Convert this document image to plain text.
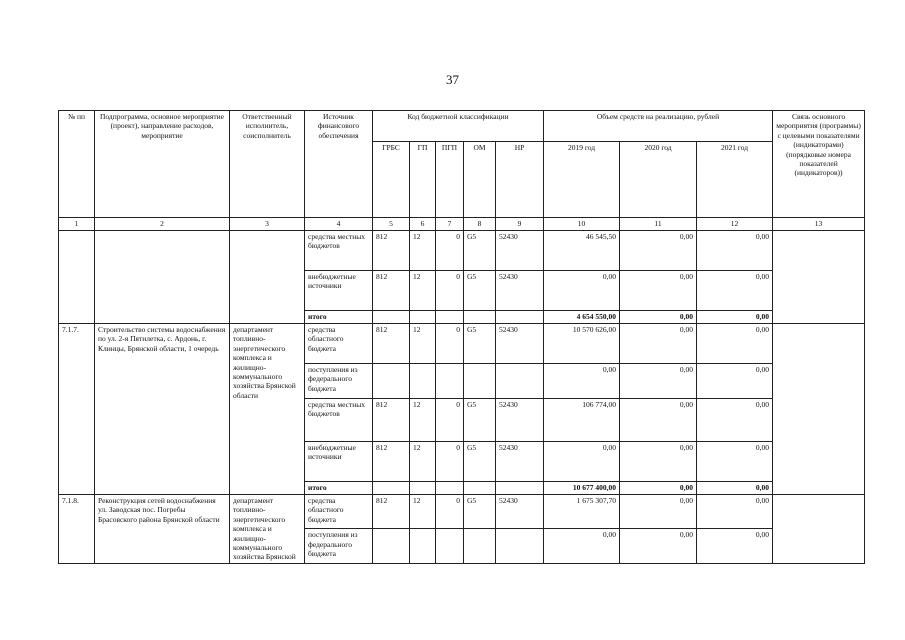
37
№ пп	Подпрограмма, основное мероприятие (проект), направление расходов, мероприятие	Ответственный исполнитель, соисполнитель	Источник финансового обеспечения	Код бюджетной классификации					Объем средств на реализацию, рублей			Связь основного мероприятия (программы) с целевыми показателями (индикаторами) (порядковые номера показателей (индикаторов))
				ГРБС	ГП	ПГП	ОМ	НР	2019 год	2020 год	2021 год	
1	2	3	4	5	6	7	8	9	10	11	12	13
			средства местных бюджетов	812	12	0	G5	52430	46 545,50	0,00	0,00	
			внебюджетные источники	812	12	0	G5	52430	0,00	0,00	0,00	
			итого						4 654 550,00	0,00	0,00	
7.1.7.	Строительство системы водоснабжения по ул. 2-я Пятилетка, с. Ардонь, г. Клинцы, Брянской области, 1 очередь	департамент топливно-энергетического комплекса и жилищно-коммунального хозяйства Брянской области	средства областного бюджета	812	12	0	G5	52430	10 570 626,00	0,00	0,00	
			поступления из федерального бюджета						0,00	0,00	0,00	
			средства местных бюджетов	812	12	0	G5	52430	106 774,00	0,00	0,00	
			внебюджетные источники	812	12	0	G5	52430	0,00	0,00	0,00	
			итого						10 677 400,00	0,00	0,00	
7.1.8.	Реконструкция сетей водоснабжения ул. Заводская пос. Погребы Брасовского района Брянской области	департамент топливно-энергетического комплекса и жилищно-коммунального хозяйства Брянской	средства областного бюджета	812	12	0	G5	52430	1 675 307,70	0,00	0,00	
			поступления из федерального бюджета						0,00	0,00	0,00	
